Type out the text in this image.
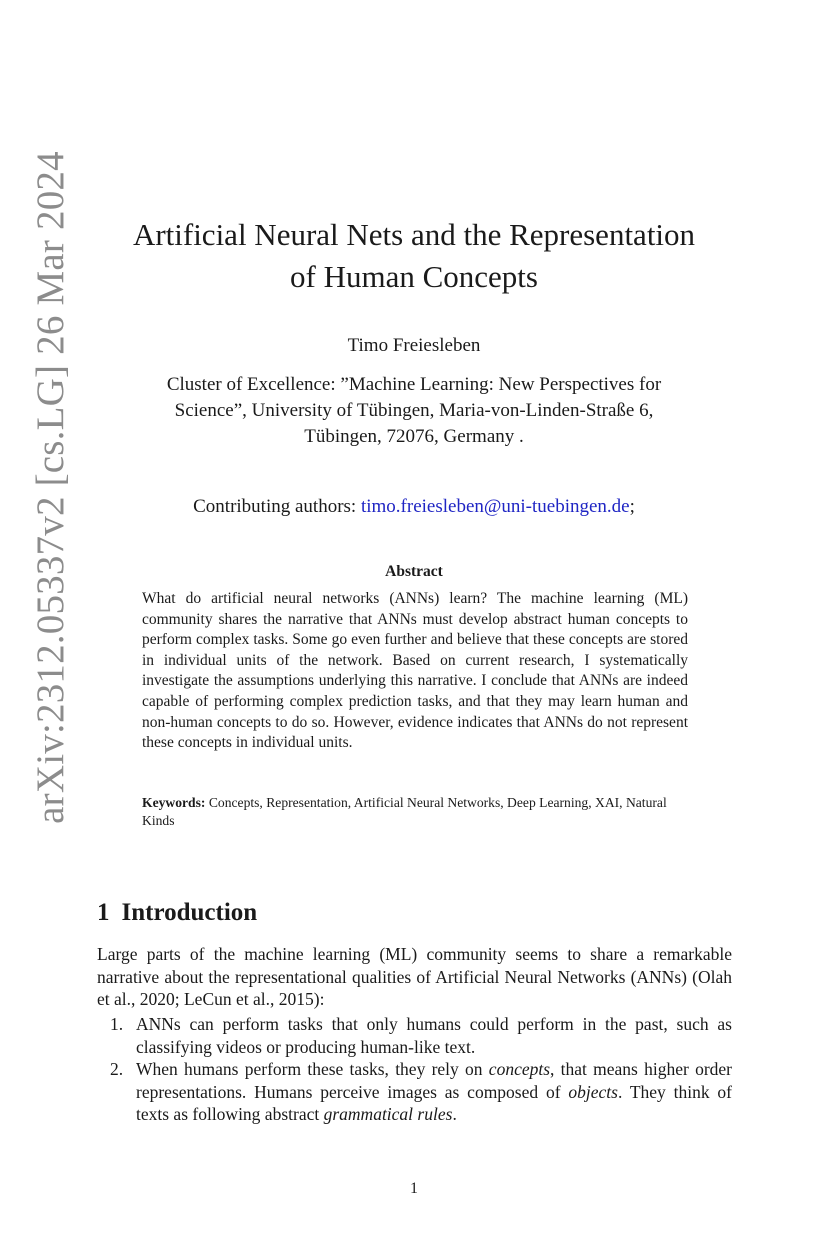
arXiv:2312.05337v2 [cs.LG] 26 Mar 2024	Artificial Neural Nets and the Representation
of Human Concepts
Timo Freiesleben
Cluster of Excellence: ”Machine Learning: New Perspectives for
Science”, University of Tübingen, Maria-von-Linden-Straße 6,
Tübingen, 72076, Germany .
Contributing authors: timo.freiesleben@uni-tuebingen.de;
Abstract

What do artificial neural networks (ANNs) learn? The machine learning (ML) community shares the narrative that ANNs must develop abstract human concepts to perform complex tasks. Some go even further and believe that these concepts are stored in individual units of the network. Based on current research, I systematically investigate the assumptions underlying this narrative. I conclude that ANNs are indeed capable of performing complex prediction tasks, and that they may learn human and non-human concepts to do so. However, evidence indicates that ANNs do not represent these concepts in individual units.

Keywords: Concepts, Representation, Artificial Neural Networks, Deep Learning, XAI, Natural Kinds

1 Introduction

Large parts of the machine learning (ML) community seems to share a remarkable narrative about the representational qualities of Artificial Neural Networks (ANNs) (Olah et al., 2020; LeCun et al., 2015):

1. ANNs can perform tasks that only humans could perform in the past, such as classifying videos or producing human-like text.
2. When humans perform these tasks, they rely on concepts, that means higher order representations. Humans perceive images as composed of objects. They think of texts as following abstract grammatical rules.
1
